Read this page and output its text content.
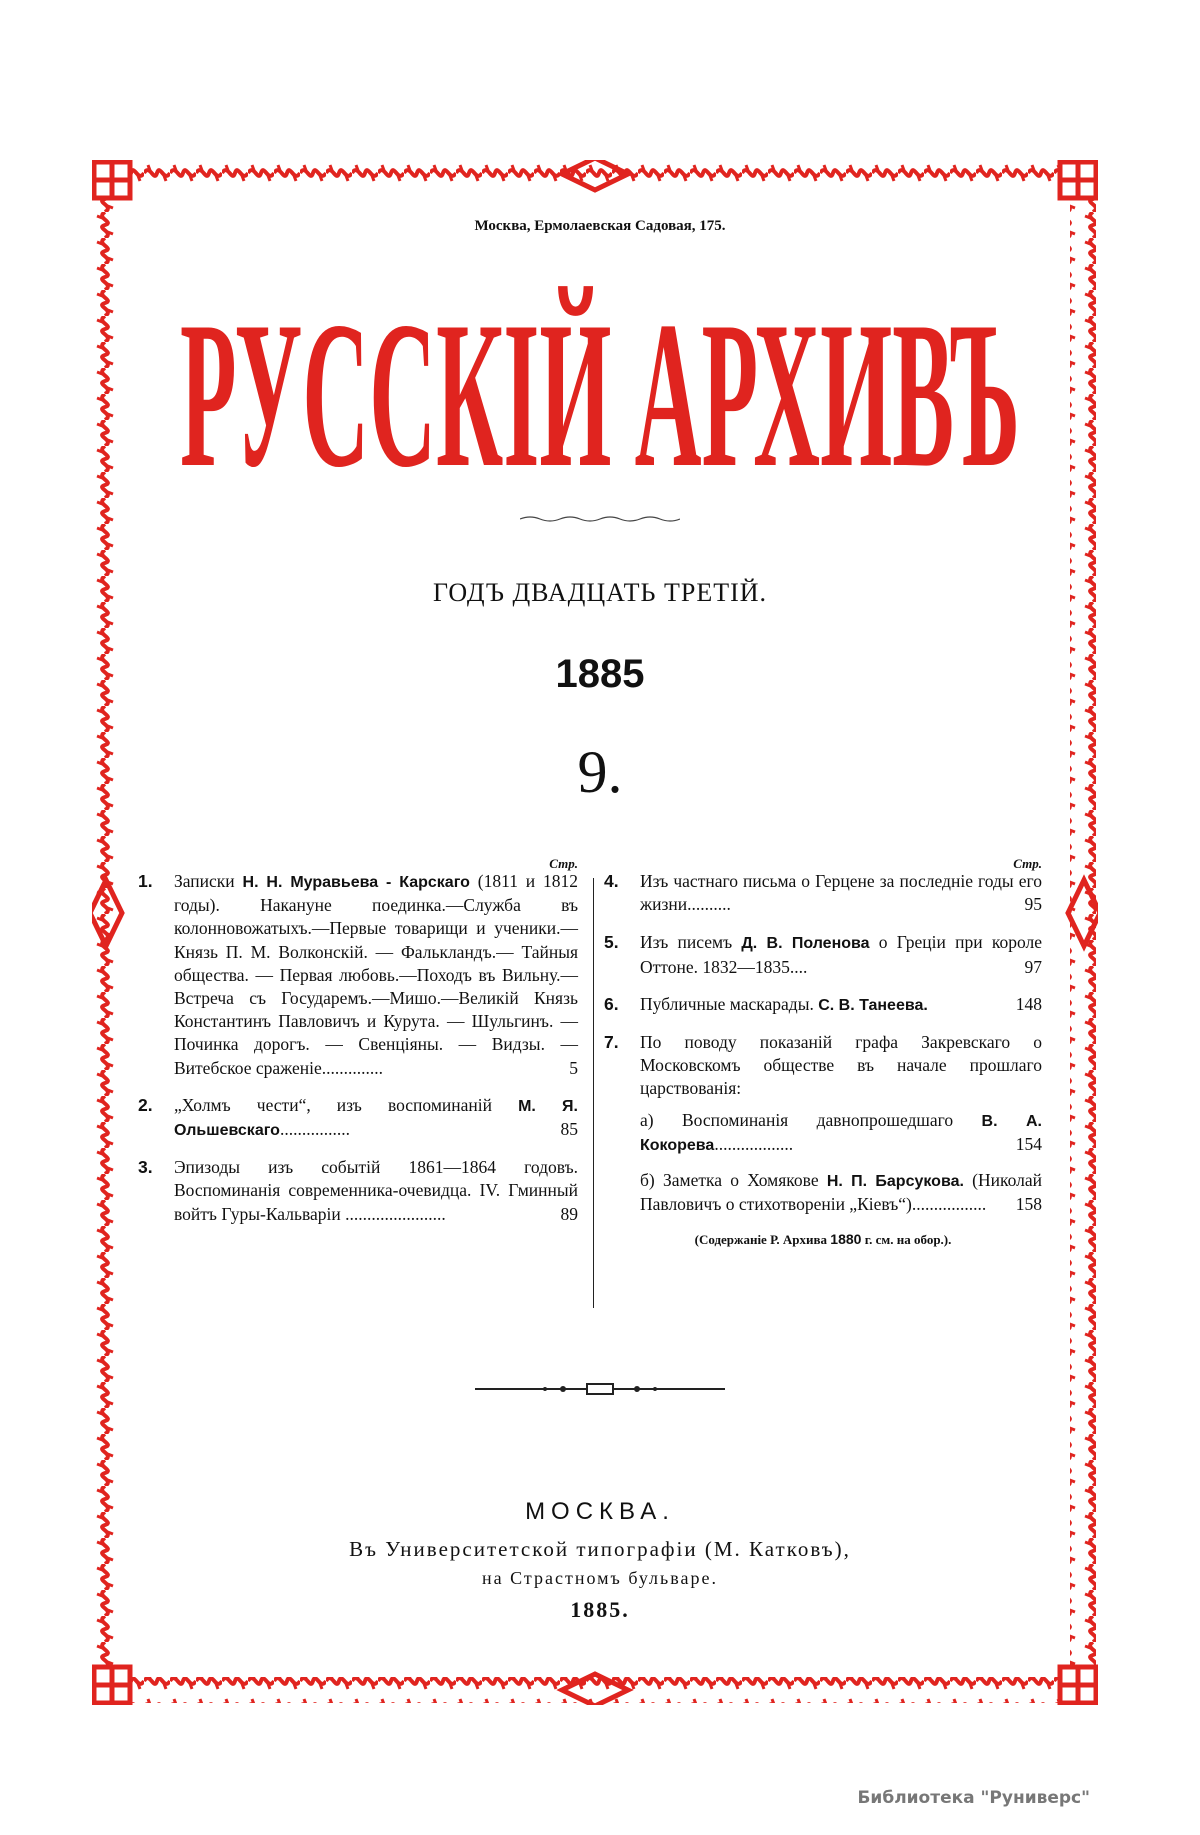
Москва, Ермолаевская Садовая, 175.
РУССКIЙ АРХИВЪ
ГОДЪ ДВАДЦАТЬ ТРЕТIЙ.
1885
9.
Стр.
1. Записки Н. Н. Муравьева - Карскаго (1811 и 1812 годы). Накануне поединка.—Служба въ колонновожатыхъ.—Первые товарищи и ученики.—Князь П. М. Волконскiй. — Фалькландъ.— Тайныя общества. — Первая любовь.—Походъ въ Вильну.—Встреча съ Государемъ.—Мишо.—Великiй Князь Константинъ Павловичъ и Курута. — Шульгинъ. — Починка дорогъ. — Свенцiяны. — Видзы. — Витебское сраженiе..............	5
2. „Холмъ чести“, изъ воспоминанiй М. Я. Ольшевскаго................	85
3. Эпизоды изъ событiй 1861—1864 годовъ. Воспоминанiя современника-очевидца. IV. Гминный войтъ Гуры-Кальварiи .......................	89
Стр.
4. Изъ частнаго письма о Герцене за последнiе годы его жизни..........	95
5. Изъ писемъ Д. В. Поленова о Грецiи при короле Оттоне. 1832—1835....	97
6. Публичные маскарады. С. В. Танеева.	148
7. По поводу показанiй графа Закревскаго о Московскомъ обществе въ начале прошлаго царствованiя:
а) Воспоминанiя давнопрошедшаго В. А. Кокорева..................	154
б) Заметка о Хомякове Н. П. Барсукова. (Николай Павловичъ о стихотворенiи „Кiевъ“)................. 158
(Содержанiе Р. Архива 1880 г. см. на обор.).
МОСКВА.
Въ Университетской типографiи (М. Катковъ),
на Страстномъ бульваре.
1885.
Библиотека "Руниверс"
